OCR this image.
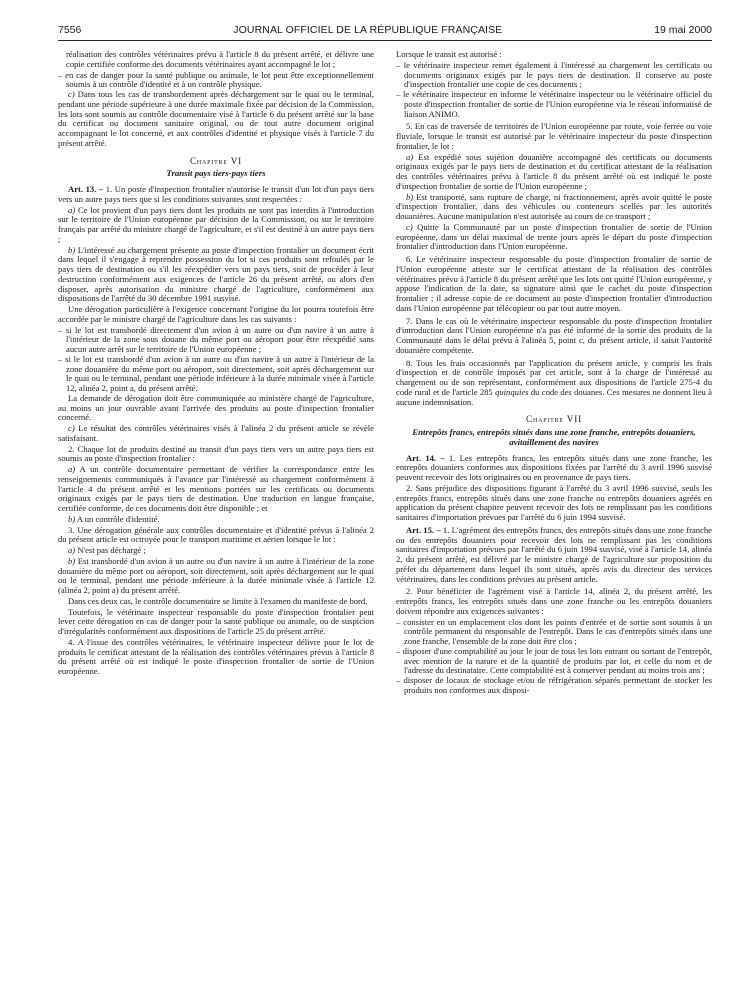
7556	JOURNAL OFFICIEL DE LA RÉPUBLIQUE FRANÇAISE	19 mai 2000

réalisation des contrôles vétérinaires prévu à l'article 8 du présent arrêté, et délivre une copie certifiée conforme des documents vétérinaires ayant accompagné le lot ;

– en cas de danger pour la santé publique ou animale, le lot peut être exceptionnellement soumis à un contrôle d'identité et à un contrôle physique.

c) Dans tous les cas de transbordement après déchargement sur le quai ou le terminal, pendant une période supérieure à une durée maximale fixée par décision de la Commission, les lots sont soumis au contrôle documentaire visé à l'article 6 du présent arrêté sur la base du certificat ou document sanitaire original, ou de tout autre document original accompagnant le lot concerné, et aux contrôles d'identité et physique visés à l'article 7 du présent arrêté.

Chapitre VI
Transit pays tiers-pays tiers

Art. 13. – 1. Un poste d'inspection frontalier n'autorise le transit d'un lot d'un pays tiers vers un autre pays tiers que si les conditions suivantes sont respectées :

a) Ce lot provient d'un pays tiers dont les produits ne sont pas interdits à l'introduction sur le territoire de l'Union européenne par décision de la Commission, ou sur le territoire français par arrêté du ministre chargé de l'agriculture, et s'il est destiné à un autre pays tiers ;

b) L'intéressé au chargement présente au poste d'inspection frontalier un document écrit dans lequel il s'engage à reprendre possession du lot si ces produits sont refoulés par le pays tiers de destination ou s'il les réexpédier vers un pays tiers, soit de procéder à leur destruction conformément aux exigences de l'article 26 du présent arrêté, ou alors d'en disposer, après autorisation du ministre chargé de l'agriculture, conformément aux dispositions de l'arrêté du 30 décembre 1991 susvisé.

Une dérogation particulière à l'exigence concernant l'origine du lot pourra toutefois être accordée par le ministre chargé de l'agriculture dans les cas suivants :

– si le lot est transbordé directement d'un avion à un autre ou d'un navire à un autre à l'intérieur de la zone sous douane du même port ou aéroport pour être réexpédié sans aucun autre arrêt sur le territoire de l'Union européenne ;

– si le lot est transbordé d'un avion à un autre ou d'un navire à un autre à l'intérieur de la zone douanière du même port ou aéroport, soit directement, soit après déchargement sur le quai ou le terminal, pendant une période inférieure à la durée minimale visée à l'article 12, alinéa 2, point a, du présent arrêté.

La demande de dérogation doit être communiquée au ministère chargé de l'agriculture, au moins un jour ouvrable avant l'arrivée des produits au poste d'inspection frontalier concerné.

c) Le résultat des contrôles vétérinaires visés à l'alinéa 2 du présent article se révèle satisfaisant.

2. Chaque lot de produits destiné au transit d'un pays tiers vers un autre pays tiers est soumis au poste d'inspection frontalier :

a) A un contrôle documentaire permettant de vérifier la correspondance entre les renseignements communiqués à l'avance par l'intéressé au chargement conformément à l'article 4 du présent arrêté et les mentions portées sur les certificats ou documents originaux exigés par le pays tiers de destination. Une traduction en langue française, certifiée conforme, de ces documents doit être disponible ; et

b) A un contrôle d'identité.

3. Une dérogation générale aux contrôles documentaire et d'identité prévus à l'alinéa 2 du présent article est octroyée pour le transport maritime et aérien lorsque le lot :

a) N'est pas déchargé ;

b) Est transbordé d'un avion à un autre ou d'un navire à un autre à l'intérieur de la zone douanière du même port ou aéroport, soit directement, soit après déchargement sur le quai ou le terminal, pendant une période inférieure à la durée minimale visée à l'article 12 (alinéa 2, point a) du présent arrêté.

Dans ces deux cas, le contrôle documentaire se limite à l'examen du manifeste de bord.

Toutefois, le vétérinaire inspecteur responsable du poste d'inspection frontalier peut lever cette dérogation en cas de danger pour la santé publique ou animale, ou de suspicion d'irrégularités conformément aux dispositions de l'article 25 du présent arrêté.

4. A l'issue des contrôles vétérinaires, le vétérinaire inspecteur délivre pour le lot de produits le certificat attestant de la réalisation des contrôles vétérinaires prévus à l'article 8 du présent arrêté où est indiqué le poste d'inspection frontalier de sortie de l'Union européenne.

Lorsque le transit est autorisé :

– le vétérinaire inspecteur remet également à l'intéressé au chargement les certificats ou documents originaux exigés par le pays tiers de destination. Il conserve au poste d'inspection frontalier une copie de ces documents ;

– le vétérinaire inspecteur en informe le vétérinaire inspecteur ou le vétérinaire officiel du poste d'inspection frontalier de sortie de l'Union européenne via le réseau informatisé de liaison ANIMO.

5. En cas de traversée de territoires de l'Union européenne par route, voie ferrée ou voie fluviale, lorsque le transit est autorisé par le vétérinaire inspecteur du poste d'inspection frontalier, le lot :

a) Est expédié sous sujétion douanière accompagné des certificats ou documents originaux exigés par le pays tiers de destination et du certificat attestant de la réalisation des contrôles vétérinaires prévu à l'article 8 du présent arrêté où est indiqué le poste d'inspection frontalier de sortie de l'Union européenne ;

b) Est transporté, sans rupture de charge, ni fractionnement, après avoir quitté le poste d'inspection frontalier, dans des véhicules ou conteneurs scellés par les autorités douanières. Aucune manipulation n'est autorisée au cours de ce transport ;

c) Quitte la Communauté par un poste d'inspection frontalier de sortie de l'Union européenne, dans un délai maximal de trente jours après le départ du poste d'inspection frontalier d'introduction dans l'Union européenne.

6. Le vétérinaire inspecteur responsable du poste d'inspection frontalier de sortie de l'Union européenne atteste sur le certificat attestant de la réalisation des contrôles vétérinaires prévu à l'article 8 du présent arrêté que les lots ont quitté l'Union européenne, y appose l'indication de la date, sa signature ainsi que le cachet du poste d'inspection frontalier ; il adresse copie de ce document au poste d'inspection frontalier d'introduction dans l'Union européenne par télécopieur ou par tout autre moyen.

7. Dans le cas où le vétérinaire inspecteur responsable du poste d'inspection frontalier d'introduction dans l'Union européenne n'a pas été informé de la sortie des produits de la Communauté dans le délai prévu à l'alinéa 5, point c, du présent article, il saisit l'autorité douanière compétente.

8. Tous les frais occasionnés par l'application du présent article, y compris les frais d'inspection et de contrôle imposés par cet article, sont à la charge de l'intéressé au chargement ou de son représentant, conformément aux dispositions de l'article 275-4 du code rural et de l'article 285 quinquies du code des douanes. Ces mesures ne donnent lieu à aucune indemnisation.

Chapitre VII
Entrepôts francs, entrepôts situés dans une zone franche, entrepôts douaniers, avitaillement des navires

Art. 14. – 1. Les entrepôts francs, les entrepôts situés dans une zone franche, les entrepôts douaniers conformes aux dispositions fixées par l'arrêté du 3 avril 1996 susvisé peuvent recevoir des lots originaires ou en provenance de pays tiers.

2. Sans préjudice des dispositions figurant à l'arrêté du 3 avril 1996 susvisé, seuls les entrepôts francs, entrepôts situés dans une zone franche ou entrepôts douaniers agréés en application du présent chapitre peuvent recevoir des lots ne remplissant pas les conditions sanitaires d'importation prévues par l'arrêté du 6 juin 1994 susvisé.

Art. 15. – 1. L'agrément des entrepôts francs, des entrepôts situés dans une zone franche ou des entrepôts douaniers pour recevoir des lots ne remplissant pas les conditions sanitaires d'importation prévues par l'arrêté du 6 juin 1994 susvisé, visé à l'article 14, alinéa 2, du présent arrêté, est délivré par le ministre chargé de l'agriculture sur proposition du préfet du département dans lequel ils sont situés, après avis du directeur des services vétérinaires, dans les conditions prévues au présent article.

2. Pour bénéficier de l'agrément visé à l'article 14, alinéa 2, du présent arrêté, les entrepôts francs, les entrepôts situés dans une zone franche ou les entrepôts douaniers doivent répondre aux exigences suivantes :

– consister en un emplacement clos dont les points d'entrée et de sortie sont soumis à un contrôle permanent du responsable de l'entrepôt. Dans le cas d'entrepôts situés dans une zone franche, l'ensemble de la zone doit être clos ;

– disposer d'une comptabilité au jour le jour de tous les lots entrant ou sortant de l'entrepôt, avec mention de la nature et de la quantité de produits par lot, et celle du nom et de l'adresse du destinataire. Cette comptabilité est à conserver pendant au moins trois ans ;

– disposer de locaux de stockage et/ou de réfrigération séparés permettant de stocker les produits non conformes aux disposi-
